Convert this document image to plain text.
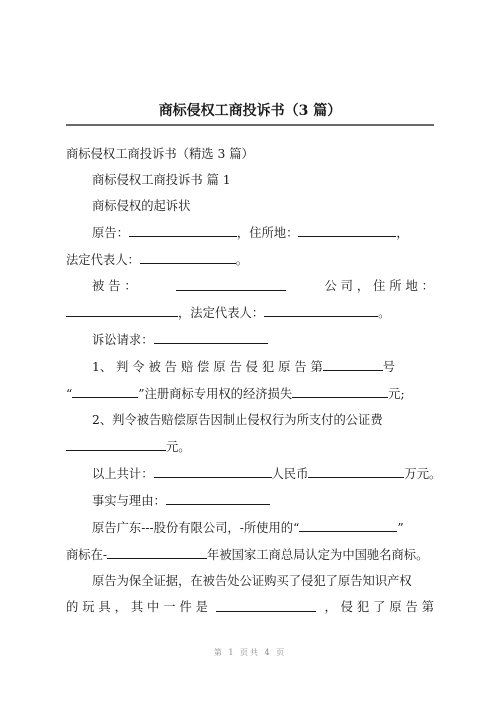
商标侵权工商投诉书（3 篇）

商标侵权工商投诉书（精选 3 篇）

商标侵权工商投诉书 篇 1

商标侵权的起诉状

原告：	，住所地：	，

法定代表人：	。

被 告 ：	公 司 ， 住 所 地 ：

，法定代表人：	。

诉讼请求：

1、 判 令 被 告 赔 偿 原 告 侵 犯 原 告 第	号

“	”注册商标专用权的经济损失	元;

2、判令被告赔偿原告因制止侵权行为所支付的公证费

元。

以上共计：	人民币	万元。

事实与理由：

原告广东---股份有限公司，-所使用的“	”

商标在-	年被国家工商总局认定为中国驰名商标。

原告为保全证据，在被告处公证购买了侵犯了原告知识产权

的 玩 具 ， 其 中 一 件 是	， 侵 犯 了 原 告 第

第 1 页共 4 页
